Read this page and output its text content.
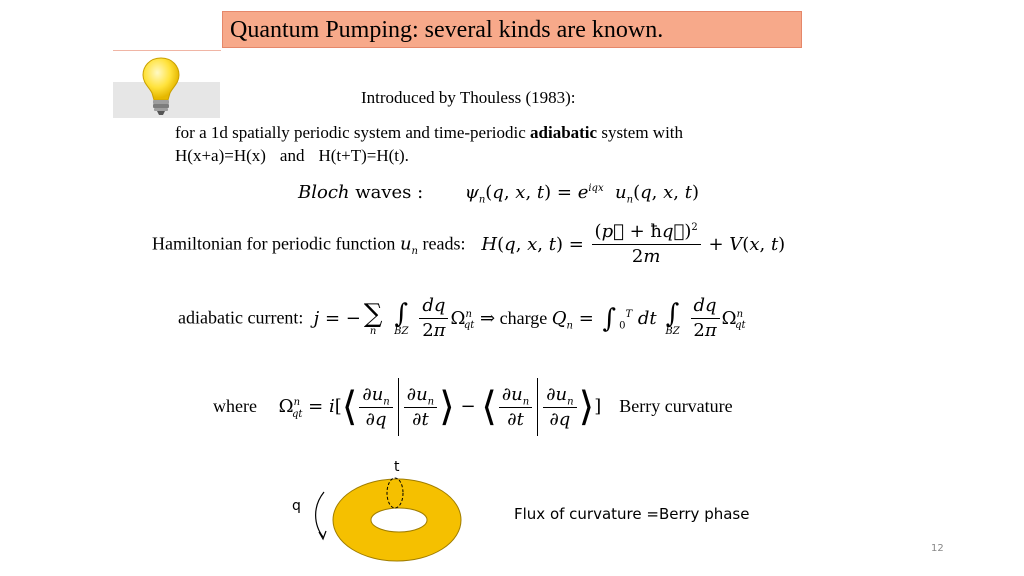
Quantum Pumping: several kinds are known.
Introduced by Thouless (1983):
for a 1d spatially periodic system and time-periodic adiabatic system with
H(x+a)=H(x) and H(t+T)=H(t).
Bloch waves : $\psi_n(q$, x, $t) = e^{iqx}$ $u_n(q$, x, t)
Hamiltonian for periodic function $u_n$ reads: H(q, x, $t) = \frac{(p⃗ + ħq⃗)^2}{2m} + V(x$, t)
adiabatic current: j = − ∑
n

∫
BZ
$\frac{dq}{2\pi} \Omega^n_{qt}$ ⇒ charge $Q_n$ = ∫ $_0^T$ dt ∫
BZ
$\frac{dq}{2\pi} \Omega^n_{qt}$
where    $\Omega^n_{qt}$ = i[⟨ $\frac{\partial u_n}{\partial q} \frac{\partial u_n}{\partial t}$ ⟩ − ⟨ $\frac{\partial u_n}{\partial t} \frac{\partial u_n}{\partial q}$ ⟩] Berry curvature
t
q	Flux of curvature =Berry phase
12
